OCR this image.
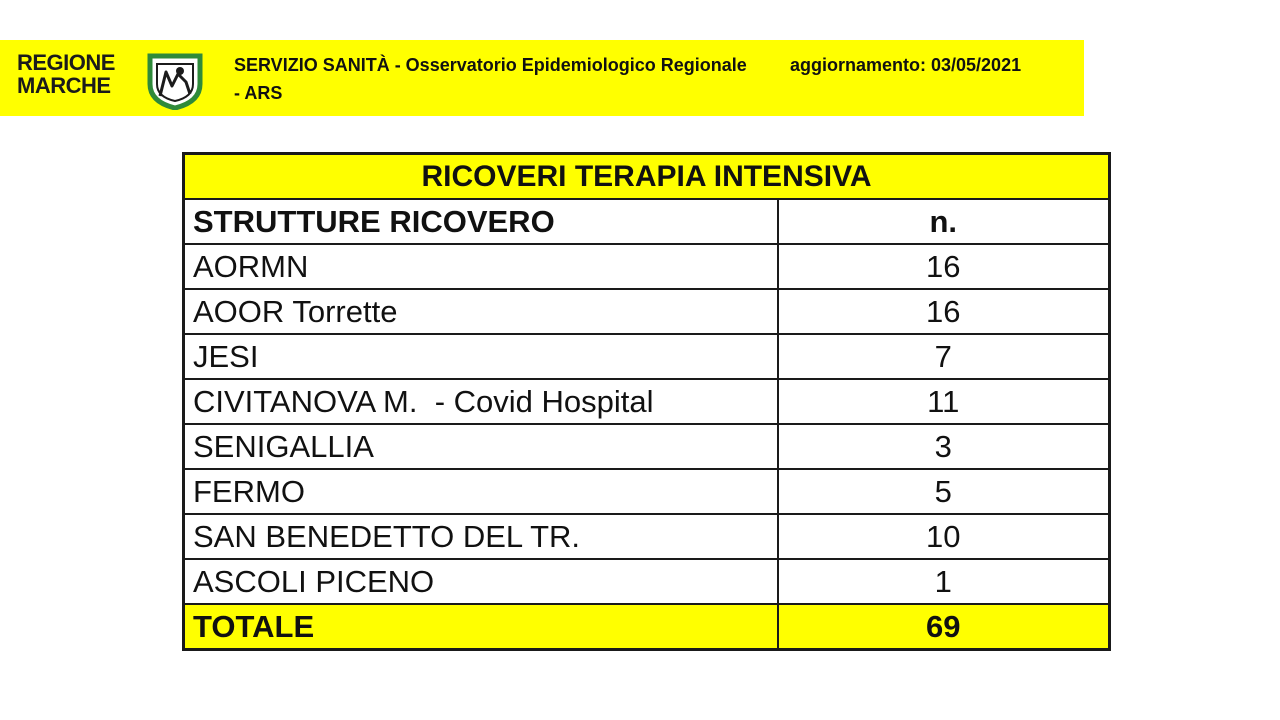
REGIONE
MARCHE
SERVIZIO SANITÀ - Osservatorio Epidemiologico Regionale - ARS
aggiornamento: 03/05/2021
RICOVERI TERAPIA INTENSIVA	
STRUTTURE RICOVERO	n.
AORMN	16
AOOR Torrette	16
JESI	7
CIVITANOVA M.  - Covid Hospital	11
SENIGALLIA	3
FERMO	5
SAN BENEDETTO DEL TR.	10
ASCOLI PICENO	1
TOTALE	69
